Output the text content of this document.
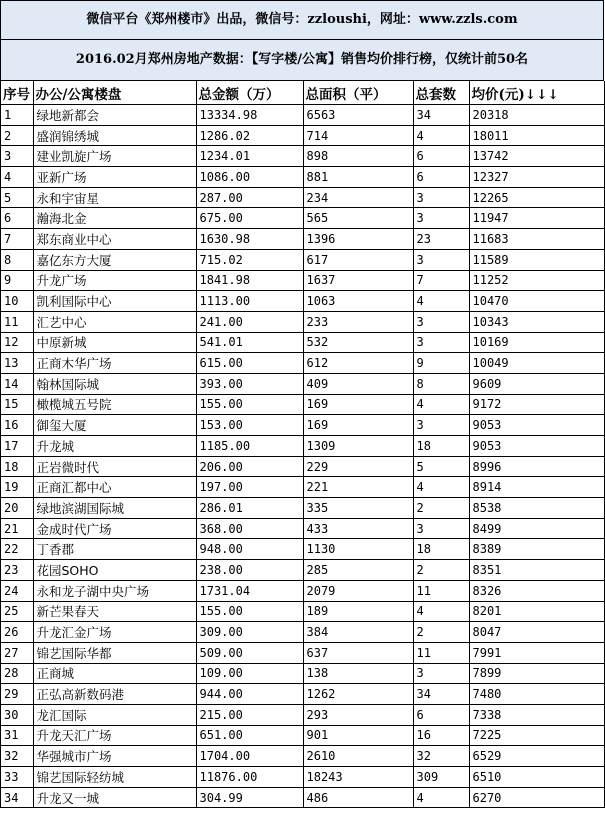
微信平台《郑州楼市》出品，微信号：zzloushi，网址：www.zzls.com
2016.02月郑州房地产数据：【写字楼/公寓】销售均价排行榜，仅统计前50名
序号	办公/公寓楼盘	总金额（万）	总面积（平）	总套数	均价(元)↓↓↓
1	绿地新都会	13334.98	6563	34	20318
2	盛润锦绣城	1286.02	714	4	18011
3	建业凯旋广场	1234.01	898	6	13742
4	亚新广场	1086.00	881	6	12327
5	永和宇宙星	287.00	234	3	12265
6	瀚海北金	675.00	565	3	11947
7	郑东商业中心	1630.98	1396	23	11683
8	嘉亿东方大厦	715.02	617	3	11589
9	升龙广场	1841.98	1637	7	11252
10	凯利国际中心	1113.00	1063	4	10470
11	汇艺中心	241.00	233	3	10343
12	中原新城	541.01	532	3	10169
13	正商木华广场	615.00	612	9	10049
14	翰林国际城	393.00	409	8	9609
15	橄榄城五号院	155.00	169	4	9172
16	御玺大厦	153.00	169	3	9053
17	升龙城	1185.00	1309	18	9053
18	正岩微时代	206.00	229	5	8996
19	正商汇都中心	197.00	221	4	8914
20	绿地滨湖国际城	286.01	335	2	8538
21	金成时代广场	368.00	433	3	8499
22	丁香郡	948.00	1130	18	8389
23	花园SOHO	238.00	285	2	8351
24	永和龙子湖中央广场	1731.04	2079	11	8326
25	新芒果春天	155.00	189	4	8201
26	升龙汇金广场	309.00	384	2	8047
27	锦艺国际华都	509.00	637	11	7991
28	正商城	109.00	138	3	7899
29	正弘高新数码港	944.00	1262	34	7480
30	龙汇国际	215.00	293	6	7338
31	升龙天汇广场	651.00	901	16	7225
32	华强城市广场	1704.00	2610	32	6529
33	锦艺国际轻纺城	11876.00	18243	309	6510
34	升龙又一城	304.99	486	4	6270
